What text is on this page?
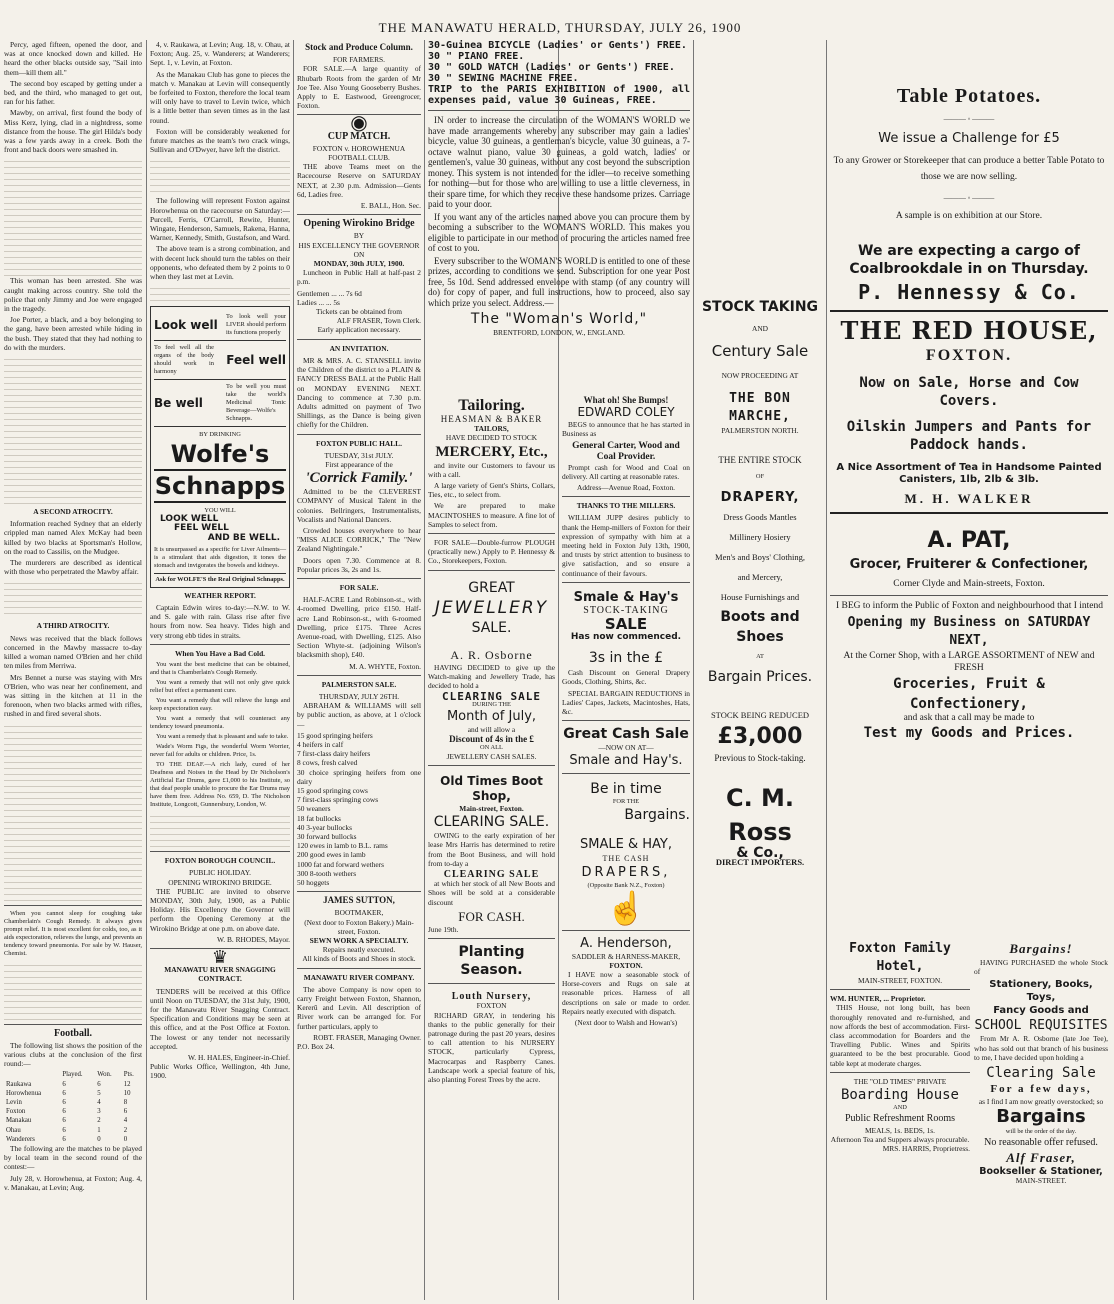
THE MANAWATU HERALD, THURSDAY, JULY 26, 1900

Percy, aged fifteen, opened the door, and was at once knocked down and killed. He heard the other blacks outside say, "Sail into them—kill them all."

The second boy escaped by getting under a bed, and the third, who managed to get out, ran for his father.

Mawby, on arrival, first found the body of Miss Kerz, lying, clad in a nightdress, some distance from the house. The girl Hilda's body was a few yards away in a creek. Both the front and back doors were smashed in.

This woman has been arrested. She was caught making across country. She told the police that only Jimmy and Joe were engaged in the tragedy.

Joe Porter, a black, and a boy belonging to the gang, have been arrested while hiding in the bush. They stated that they had nothing to do with the murders.

A SECOND ATROCITY.

Information reached Sydney that an elderly crippled man named Alex McKay had been killed by two blacks at Sportsman's Hollow, on the road to Cassilis, on the Mudgee.

The murderers are described as identical with those who perpetrated the Mawby affair.

A THIRD ATROCITY.

News was received that the black follows concerned in the Mawby massacre to-day killed a woman named O'Brien and her child ten miles from Merriwa.

Mrs Bennet a nurse was staying with Mrs O'Brien, who was near her confinement, and was sitting in the kitchen at 11 in the forenoon, when two blacks armed with rifles, rushed in and fired several shots.

When you cannot sleep for coughing take Chamberlain's Cough Remedy. It always gives prompt relief. It is most excellent for colds, too, as it aids expectoration, relieves the lungs, and prevents an tendency toward pneumonia. For sale by W. Hauser, Chemist.

Football.

The following list shows the position of the various clubs at the conclusion of the first round:—

	Played.	Won.	Pts.
Raukawa	6	6	12
Horowhenua	6	5	10
Levin	6	4	8
Foxton	6	3	6
Manakau	6	2	4
Ohau	6	1	2
Wanderers	6	0	0

The following are the matches to be played by local team in the second round of the contest:—

July 28, v. Horowhenua, at Foxton; Aug. 4, v. Manakau, at Levin; Aug.

4, v. Raukawa, at Levin; Aug. 18, v. Ohau, at Foxton; Aug. 25, v. Wanderers; at Wanderers; Sept. 1, v. Levin, at Foxton.

As the Manakau Club has gone to pieces the match v. Manakau at Levin will consequently be forfeited to Foxton, therefore the local team will only have to travel to Levin twice, which is a little better than seven times as in the last round.

Foxton will be considerably weakened for future matches as the team's two crack wings, Sullivan and O'Dwyer, have left the district.

The following will represent Foxton against Horowhenua on the racecourse on Saturday:—Purcell, Ferris, O'Carroll, Rewite, Hunter, Wingate, Henderson, Samuels, Rakena, Hanna, Warner, Kennedy, Smith, Gustafson, and Ward.

The above team is a strong combination, and with decent luck should turn the tables on their opponents, who defeated them by 2 points to 0 when they last met at Levin.

Look well
To look well your LIVER should perform its functions properly
To feel well all the organs of the body should work in harmony
Feel well
Be well
To be well you must take the world's Medicinal Tonic Beverage—Wolfe's Schnapps.
BY DRINKING
Wolfe's
Schnapps
YOU WILL
LOOK WELL
FEEL WELL
AND BE WELL.
It is unsurpassed as a specific for Liver Ailments—is a stimulant that aids digestion, it tones the stomach and invigorates the bowels and kidneys.
Ask for WOLFE'S the Real Original Schnapps.
WEATHER REPORT.

Captain Edwin wires to-day:—N.W. to W. and S. gale with rain. Glass rise after five hours from now. Sea heavy. Tides high and very strong ebb tides in straits.

When You Have a Bad Cold.

You want the best medicine that can be obtained, and that is Chamberlain's Cough Remedy.

You want a remedy that will not only give quick relief but effect a permanent cure.

You want a remedy that will relieve the lungs and keep expectoration easy.

You want a remedy that will counteract any tendency toward pneumonia.

You want a remedy that is pleasant and safe to take.

Wade's Worm Figs, the wonderful Worm Worrier, never fail for adults or children. Price, 1s.

TO THE DEAF.—A rich lady, cured of her Deafness and Noises in the Head by Dr Nicholson's Artificial Ear Drums, gave £1,000 to his Institute, so that deaf people unable to procure the Ear Drums may have them free. Address No. 659, D. The Nicholson Institute, Longcott, Gunnersbury, London, W.

FOXTON BOROUGH COUNCIL.
PUBLIC HOLIDAY.
OPENING WIROKINO BRIDGE.

THE PUBLIC are invited to observe MONDAY, 30th July, 1900, as a Public Holiday. His Excellency the Governor will perform the Opening Ceremony at the Wirokino Bridge at one p.m. on above date.

W. B. RHODES, Mayor.
♛
MANAWATU RIVER SNAGGING CONTRACT.

TENDERS will be received at this Office until Noon on TUESDAY, the 31st July, 1900, for the Manawatu River Snagging Contract. Specification and Conditions may be seen at this office, and at the Post Office at Foxton. The lowest or any tender not necessarily accepted.

W. H. HALES, Engineer-in-Chief.
Public Works Office, Wellington, 4th June, 1900.
Stock and Produce Column.
FOR FARMERS.

FOR SALE.—A large quantity of Rhubarb Roots from the garden of Mr Joe Tee. Also Young Gooseberry Bushes. Apply to E. Eastwood, Greengrocer, Foxton.

◉
CUP MATCH.
FOXTON v. HOROWHENUA FOOTBALL CLUB.

THE above Teams meet on the Racecourse Reserve on SATURDAY NEXT, at 2.30 p.m. Admission—Gents 6d, Ladies free.

E. BALL, Hon. Sec.
Opening Wirokino Bridge
BY
HIS EXCELLENCY THE GOVERNOR
ON
MONDAY, 30th JULY, 1900.

Luncheon in Public Hall at half-past 2 p.m.

Gentlemen ... ... 7s 6d
Ladies ... ... 5s
Tickets can be obtained from
ALF FRASER, Town Clerk.
Early application necessary.
AN INVITATION.

MR & MRS. A. C. STANSELL invite the Children of the district to a PLAIN & FANCY DRESS BALL at the Public Hall on MONDAY EVENING NEXT. Dancing to commence at 7.30 p.m. Adults admitted on payment of Two Shillings, as the Dance is being given chiefly for the Children.

FOXTON PUBLIC HALL.
TUESDAY, 31st JULY.
First appearance of the
'Corrick Family.'

Admitted to be the CLEVEREST COMPANY of Musical Talent in the colonies. Bellringers, Instrumentalists, Vocalists and National Dancers.

Crowded houses everywhere to hear "MISS ALICE CORRICK," The "New Zealand Nightingale."

Doors open 7.30. Commence at 8. Popular prices 3s, 2s and 1s.

FOR SALE.

HALF-ACRE Land Robinson-st., with 4-roomed Dwelling, price £150. Half-acre Land Robinson-st., with 6-roomed Dwelling, price £175. Three Acres Avenue-road, with Dwelling, £125. Also Section Whyte-st. (adjoining Wilson's blacksmith shop), £40.

M. A. WHYTE, Foxton.
PALMERSTON SALE.
THURSDAY, JULY 26TH.

ABRAHAM & WILLIAMS will sell by public auction, as above, at 1 o'clock—

15 good springing heifers
4 heifers in calf
7 first-class dairy heifers
8 cows, fresh calved
30 choice springing heifers from one dairy
15 good springing cows
7 first-class springing cows
50 weaners
18 fat bullocks
40 3-year bullocks
30 forward bullocks
120 ewes in lamb to B.L. rams
200 good ewes in lamb
1000 fat and forward wethers
300 8-tooth wethers
50 hoggets
JAMES SUTTON,
BOOTMAKER,
(Next door to Foxton Bakery.) Main-street, Foxton.
SEWN WORK A SPECIALTY.
Repairs neatly executed.
All kinds of Boots and Shoes in stock.
MANAWATU RIVER COMPANY.

The above Company is now open to carry Freight between Foxton, Shannon, Kererū and Levin. All description of River work can be arranged for. For further particulars, apply to

ROBT. FRASER, Managing Owner.
P.O. Box 24.
30-Guinea BICYCLE (Ladies' or Gents') FREE.
30 " PIANO FREE.
30 " GOLD WATCH (Ladies' or Gents') FREE.
30 " SEWING MACHINE FREE.
TRIP to the PARIS EXHIBITION of 1900, all expenses paid, value 30 Guineas, FREE.

IN order to increase the circulation of the WOMAN'S WORLD we have made arrangements whereby any subscriber may gain a ladies' bicycle, value 30 guineas, a gentleman's bicycle, value 30 guineas, a 7-octave walnut piano, value 30 guineas, a gold watch, ladies' or gentlemen's, value 30 guineas, without any cost beyond the subscription money. This system is not intended for the idler—to receive something for nothing—but for those who are willing to use a little cleverness, in their spare time, for which they receive these handsome prizes. Carriage paid to your door.

If you want any of the articles named above you can procure them by becoming a subscriber to the WOMAN'S WORLD. This makes you eligible to participate in our method of procuring the articles named free of cost to you.

Every subscriber to the WOMAN'S WORLD is entitled to one of these prizes, according to conditions we send. Subscription for one year Post free, 5s 10d. Send addressed envelope with stamp (of any country will do) for copy of paper, and full instructions, how to proceed, also say which prize you select. Address.—

The "Woman's World,"
BRENTFORD, LONDON, W., ENGLAND.
Tailoring.
HEASMAN & BAKER
TAILORS,
HAVE DECIDED TO STOCK
MERCERY, Etc.,

and invite our Customers to favour us with a call.

A large variety of Gent's Shirts, Collars, Ties, etc., to select from.

We are prepared to make MACINTOSHES to measure. A fine lot of Samples to select from.

FOR SALE—Double-furrow PLOUGH (practically new.) Apply to P. Hennessy & Co., Storekeepers, Foxton.

GREAT
JEWELLERY
SALE.
A. R. Osborne

HAVING DECIDED to give up the Watch-making and Jewellery Trade, has decided to hold a

CLEARING SALE
DURING THE
Month of July,
and will allow a
Discount of 4s in the £
ON ALL
JEWELLERY CASH SALES.
Old Times Boot Shop,
Main-street, Foxton.
CLEARING SALE.

OWING to the early expiration of her lease Mrs Harris has determined to retire from the Boot Business, and will hold from to-day a

CLEARING SALE

at which her stock of all New Boots and Shoes will be sold at a considerable discount

FOR CASH.
June 19th.
Planting Season.
Louth Nursery,
FOXTON

RICHARD GRAY, in tendering his thanks to the public generally for their patronage during the past 20 years, desires to call attention to his NURSERY STOCK, particularly Cypress, Macrocarpas and Raspberry Canes. Landscape work a special feature of his, also planting Forest Trees by the acre.

What oh! She Bumps!
EDWARD COLEY

BEGS to announce that he has started in Business as

General Carter, Wood and Coal Provider.

Prompt cash for Wood and Coal on delivery. All carting at reasonable rates.

Address—Avenue Road, Foxton.
THANKS TO THE MILLERS.

WILLIAM JUPP desires publicly to thank the Hemp-millers of Foxton for their expression of sympathy with him at a meeting held in Foxton July 13th, 1900, and trusts by strict attention to business to give satisfaction, and so ensure a continuance of their favours.

Smale & Hay's
STOCK-TAKING
SALE
Has now commenced.
3s in the £

Cash Discount on General Drapery Goods, Clothing, Shirts, &c.

SPECIAL BARGAIN REDUCTIONS in Ladies' Capes, Jackets, Macintoshes, Hats, &c.

Great Cash Sale
—NOW ON AT—
Smale and Hay's.
Be in time
FOR THE
Bargains.
SMALE & HAY,
THE CASH
DRAPERS,
(Opposite Bank N.Z., Foxton)
☝
A. Henderson,
SADDLER & HARNESS-MAKER,
FOXTON.

I HAVE now a seasonable stock of Horse-covers and Rugs on sale at reasonable prices. Harness of all descriptions on sale or made to order. Repairs neatly executed with dispatch.

(Next door to Walsh and Howan's)
STOCK TAKING
AND
Century Sale
NOW PROCEEDING AT
THE BON MARCHE,
PALMERSTON NORTH.
THE ENTIRE STOCK
OF
DRAPERY,
Dress Goods Mantles
Millinery Hosiery
Men's and Boys' Clothing,
and Mercery,
House Furnishings and
Boots and Shoes
AT
Bargain Prices.
STOCK BEING REDUCED
£3,000
Previous to Stock-taking.
C. M. Ross
& Co.,
DIRECT IMPORTERS.
Table Potatoes.
——— ◦ ———
We issue a Challenge for £5
To any Grower or Storekeeper that can produce a better Table Potato to those we are now selling.
——— ◦ ———
A sample is on exhibition at our Store.
We are expecting a cargo of Coalbrookdale in on Thursday.
P. Hennessy & Co.
THE RED HOUSE,
FOXTON.
Now on Sale, Horse and Cow Covers.
Oilskin Jumpers and Pants for Paddock hands.
A Nice Assortment of Tea in Handsome Painted Canisters, 1lb, 2lb & 3lb.
M. H. WALKER
A. PAT,
Grocer, Fruiterer & Confectioner,
Corner Clyde and Main-streets, Foxton.

I BEG to inform the Public of Foxton and neighbourhood that I intend

Opening my Business on SATURDAY NEXT,
At the Corner Shop, with a LARGE ASSORTMENT of NEW and FRESH
Groceries, Fruit & Confectionery,
and ask that a call may be made to
Test my Goods and Prices.
Foxton Family Hotel,
MAIN-STREET, FOXTON.
WM. HUNTER, ... Proprietor.

THIS House, not long built, has been thoroughly renovated and re-furnished, and now affords the best of accommodation. First-class accommodation for Boarders and the Travelling Public. Wines and Spirits guaranteed to be the best procurable. Good table kept at moderate charges.

THE "OLD TIMES" PRIVATE
Boarding House
AND
Public Refreshment Rooms
MEALS, 1s. BEDS, 1s.
Afternoon Tea and Suppers always procurable.
MRS. HARRIS, Proprietress.
Bargains!

HAVING PURCHASED the whole Stock of

Stationery, Books, Toys,
Fancy Goods and
SCHOOL REQUISITES

From Mr A. R. Osborne (late Joe Tee), who has sold out that branch of his business to me, I have decided upon holding a

Clearing Sale
For a few days,
as I find I am now greatly overstocked; so
Bargains
will be the order of the day.
No reasonable offer refused.
Alf Fraser,
Bookseller & Stationer,
MAIN-STREET.
